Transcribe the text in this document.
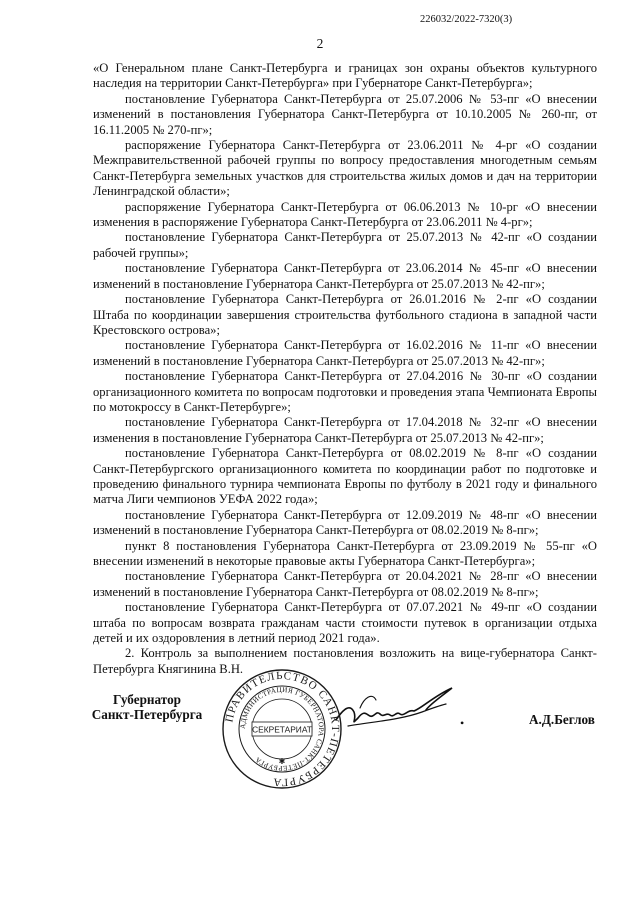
226032/2022-7320(3)
2

«О Генеральном плане Санкт-Петербурга и границах зон охраны объектов культурного наследия на территории Санкт-Петербурга» при Губернаторе Санкт-Петербурга»;

постановление Губернатора Санкт-Петербурга от 25.07.2006 № 53-пг «О внесении изменений в постановления Губернатора Санкт-Петербурга от 10.10.2005 № 260-пг, от 16.11.2005 № 270-пг»;

распоряжение Губернатора Санкт-Петербурга от 23.06.2011 № 4-рг «О создании Межправительственной рабочей группы по вопросу предоставления многодетным семьям Санкт-Петербурга земельных участков для строительства жилых домов и дач на территории Ленинградской области»;

распоряжение Губернатора Санкт-Петербурга от 06.06.2013 № 10-рг «О внесении изменения в распоряжение Губернатора Санкт-Петербурга от 23.06.2011 № 4-рг»;

постановление Губернатора Санкт-Петербурга от 25.07.2013 № 42-пг «О создании рабочей группы»;

постановление Губернатора Санкт-Петербурга от 23.06.2014 № 45-пг «О внесении изменений в постановление Губернатора Санкт-Петербурга от 25.07.2013 № 42-пг»;

постановление Губернатора Санкт-Петербурга от 26.01.2016 № 2-пг «О создании Штаба по координации завершения строительства футбольного стадиона в западной части Крестовского острова»;

постановление Губернатора Санкт-Петербурга от 16.02.2016 № 11-пг «О внесении изменений в постановление Губернатора Санкт-Петербурга от 25.07.2013 № 42-пг»;

постановление Губернатора Санкт-Петербурга от 27.04.2016 № 30-пг «О создании организационного комитета по вопросам подготовки и проведения этапа Чемпионата Европы по мотокроссу в Санкт-Петербурге»;

постановление Губернатора Санкт-Петербурга от 17.04.2018 № 32-пг «О внесении изменения в постановление Губернатора Санкт-Петербурга от 25.07.2013 № 42-пг»;

постановление Губернатора Санкт-Петербурга от 08.02.2019 № 8-пг «О создании Санкт-Петербургского организационного комитета по координации работ по подготовке и проведению финального турнира чемпионата Европы по футболу в 2021 году и финального матча Лиги чемпионов УЕФА 2022 года»;

постановление Губернатора Санкт-Петербурга от 12.09.2019 № 48-пг «О внесении изменений в постановление Губернатора Санкт-Петербурга от 08.02.2019 № 8-пг»;

пункт 8 постановления Губернатора Санкт-Петербурга от 23.09.2019 № 55-пг «О внесении изменений в некоторые правовые акты Губернатора Санкт-Петербурга»;

постановление Губернатора Санкт-Петербурга от 20.04.2021 № 28-пг «О внесении изменений в постановление Губернатора Санкт-Петербурга от 08.02.2019 № 8-пг»;

постановление Губернатора Санкт-Петербурга от 07.07.2021 № 49-пг «О создании штаба по вопросам возврата гражданам части стоимости путевок в организации отдыха детей и их оздоровления в летний период 2021 года».

2. Контроль за выполнением постановления возложить на вице-губернатора Санкт-Петербурга Княгинина В.Н.

Губернатор
Санкт-Петербурга	ПРАВИТЕЛЬСТВО САНКТ-ПЕТЕРБУРГА
АДМИНИСТРАЦИЯ ГУБЕРНАТОРА САНКТ-ПЕТЕРБУРГА
СЕКРЕТАРИАТ
✱
•	А.Д.Беглов
